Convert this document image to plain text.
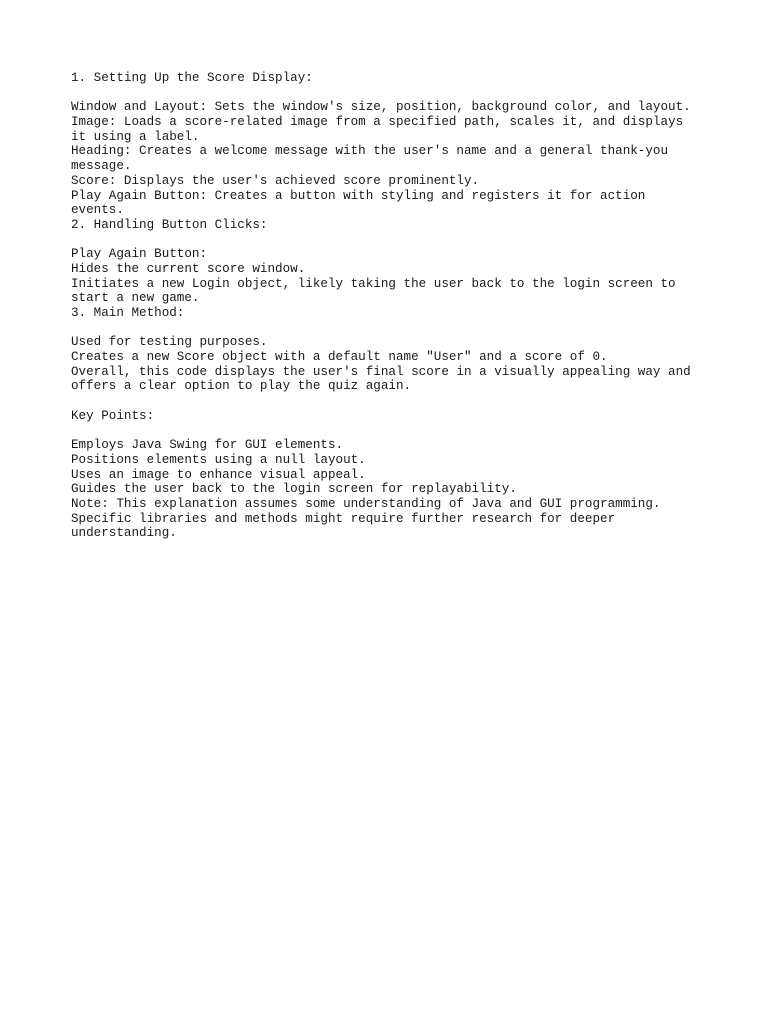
1. Setting Up the Score Display:
Window and Layout: Sets the window's size, position, background color, and layout.
Image: Loads a score-related image from a specified path, scales it, and displays
it using a label.
Heading: Creates a welcome message with the user's name and a general thank-you
message.
Score: Displays the user's achieved score prominently.
Play Again Button: Creates a button with styling and registers it for action
events.
2. Handling Button Clicks:
Play Again Button:
Hides the current score window.
Initiates a new Login object, likely taking the user back to the login screen to
start a new game.
3. Main Method:
Used for testing purposes.
Creates a new Score object with a default name "User" and a score of 0.
Overall, this code displays the user's final score in a visually appealing way and
offers a clear option to play the quiz again.
Key Points:
Employs Java Swing for GUI elements.
Positions elements using a null layout.
Uses an image to enhance visual appeal.
Guides the user back to the login screen for replayability.
Note: This explanation assumes some understanding of Java and GUI programming.
Specific libraries and methods might require further research for deeper
understanding.
